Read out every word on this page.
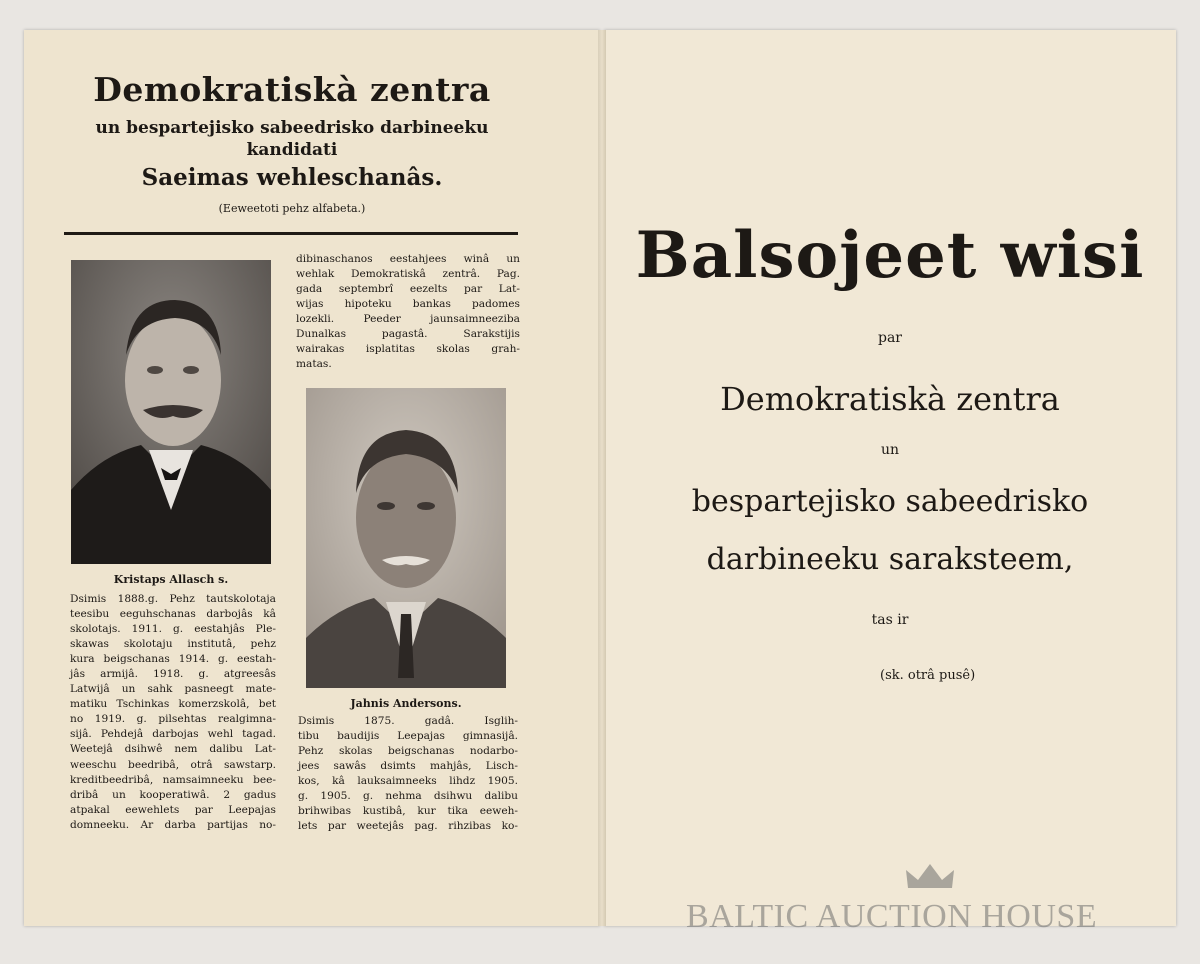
Demokratiskà zentra
un bespartejisko sabeedrisko darbineeku
kandidati
Saeimas wehleschanâs.
(Eeweetoti pehz alfabeta.)
Kristaps Allasch s.
Jahnis Andersons.
dibinaschanos eestahjees winâ un
wehlak Demokratiskâ zentrâ. Pag.
gada septembrî eezelts par Lat-
wijas hipoteku bankas padomes
lozekli. Peeder jaunsaimneeziba
Dunalkas pagastâ. Sarakstijis
wairakas isplatitas skolas grah-
matas.
Dsimis 1888.g. Pehz tautskolotaja
teesibu eeguhschanas darbojâs kâ
skolotajs. 1911. g. eestahjâs Ple-
skawas skolotaju institutâ, pehz
kura beigschanas 1914. g. eestah-
jâs armijâ. 1918. g. atgreesâs
Latwijâ un sahk pasneegt mate-
matiku Tschinkas komerzskolâ, bet
no 1919. g. pilsehtas realgimna-
sijâ. Pehdejâ darbojas wehl tagad.
Weetejâ dsihwê nem dalibu Lat-
weeschu beedribâ, otrâ sawstarp.
kreditbeedribâ, namsaimneeku bee-
dribâ un kooperatiwâ. 2 gadus
atpakal eewehlets par Leepajas
domneeku. Ar darba partijas no-
Dsimis 1875. gadâ. Isglih-
tibu baudijis Leepajas gimnasijâ.
Pehz skolas beigschanas nodarbo-
jees sawâs dsimts mahjâs, Lisch-
kos, kâ lauksaimneeks lihdz 1905.
g. 1905. g. nehma dsihwu dalibu
brihwibas kustibâ, kur tika eeweh-
lets par weetejâs pag. rihzibas ko-
Balsojeet wisi
par
Demokratiskà zentra
un
bespartejisko sabeedrisko
darbineeku sarakstеem,
tas ir
(sk. otrâ pusê)
BALTIC AUCTION HOUSE
